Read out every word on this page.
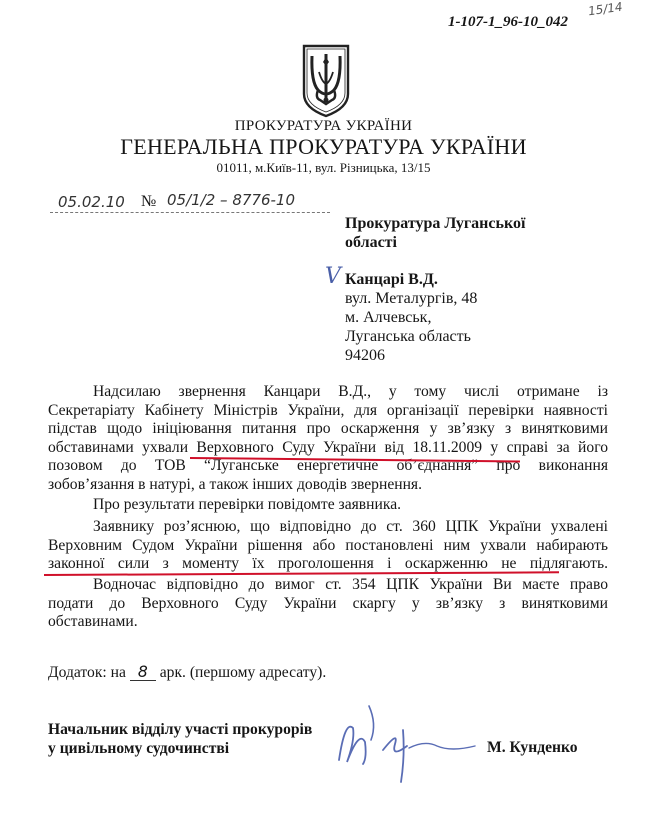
1-107-1_96-10_042
15/14
ПРОКУРАТУРА УКРАЇНИ
ГЕНЕРАЛЬНА ПРОКУРАТУРА УКРАЇНИ
01011, м.Київ-11, вул. Різницька, 13/15
05.02.10 № 05/1/2 – 8776-10
Прокуратура Луганської
області
V Канцарі В.Д.
вул. Металургів, 48
м. Алчевськ,
Луганська область
94206
Надсилаю звернення Канцари В.Д., у тому числі отримане із
Секретаріату Кабінету Міністрів України, для організації перевірки наявності
підстав щодо ініціювання питання про оскарження у зв’язку з винятковими
обставинами ухвали Верховного Суду України від 18.11.2009 у справі за його
позовом до ТОВ “Луганське енергетичне об’єднання” про виконання
зобов’язання в натурі, а також інших доводів звернення.
Про результати перевірки повідомте заявника.
Заявнику роз’яснюю, що відповідно до ст. 360 ЦПК України ухвалені
Верховним Судом України рішення або постановлені ним ухвали набирають
законної сили з моменту їх проголошення і оскарженню не підлягають.
Водночас відповідно до вимог ст. 354 ЦПК України Ви маєте право
подати до Верховного Суду України скаргу у зв’язку з винятковими
обставинами.
Додаток: на 8 арк. (першому адресату).
Начальник відділу участі прокурорів
у цивільному судочинстві	М. Кунденко
